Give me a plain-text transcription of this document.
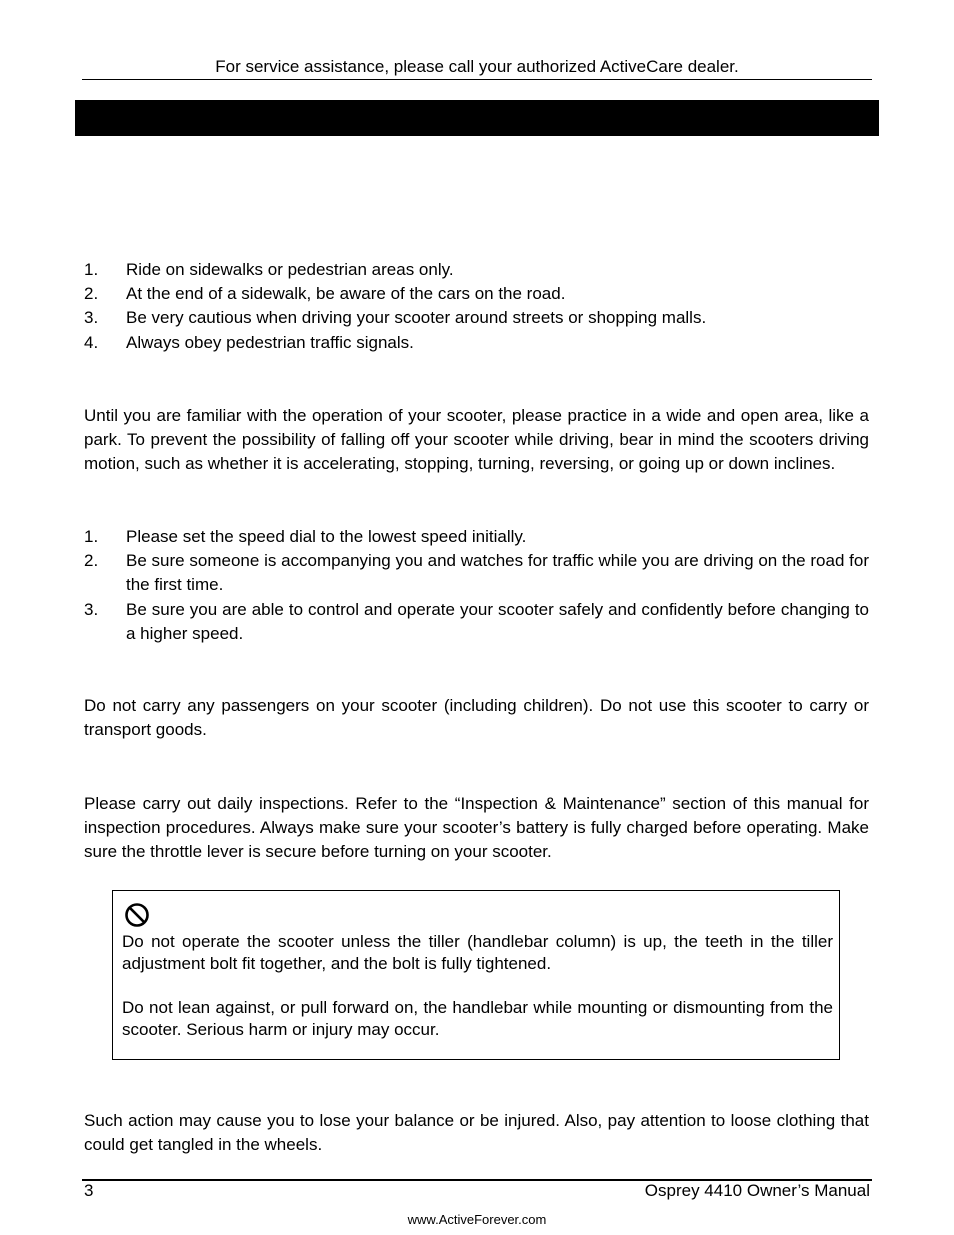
For service assistance, please call your authorized ActiveCare dealer.
1. Ride on sidewalks or pedestrian areas only.
2. At the end of a sidewalk, be aware of the cars on the road.
3. Be very cautious when driving your scooter around streets or shopping malls.
4. Always obey pedestrian traffic signals.
Until you are familiar with the operation of your scooter, please practice in a wide and open area, like a park. To prevent the possibility of falling off your scooter while driving, bear in mind the scooters driving motion, such as whether it is accelerating, stopping, turning, reversing, or going up or down inclines.
1. Please set the speed dial to the lowest speed initially.
2. Be sure someone is accompanying you and watches for traffic while you are driving on the road for the first time.
3. Be sure you are able to control and operate your scooter safely and confidently before changing to a higher speed.
Do not carry any passengers on your scooter (including children). Do not use this scooter to carry or transport goods.
Please carry out daily inspections. Refer to the “Inspection & Maintenance” section of this manual for inspection procedures. Always make sure your scooter’s battery is fully charged before operating. Make sure the throttle lever is secure before turning on your scooter.
Do not operate the scooter unless the tiller (handlebar column) is up, the teeth in the tiller adjustment bolt fit together, and the bolt is fully tightened.
Do not lean against, or pull forward on, the handlebar while mounting or dismounting from the scooter. Serious harm or injury may occur.
Such action may cause you to lose your balance or be injured. Also, pay attention to loose clothing that could get tangled in the wheels.
3	Osprey 4410 Owner’s Manual
www.ActiveForever.com
